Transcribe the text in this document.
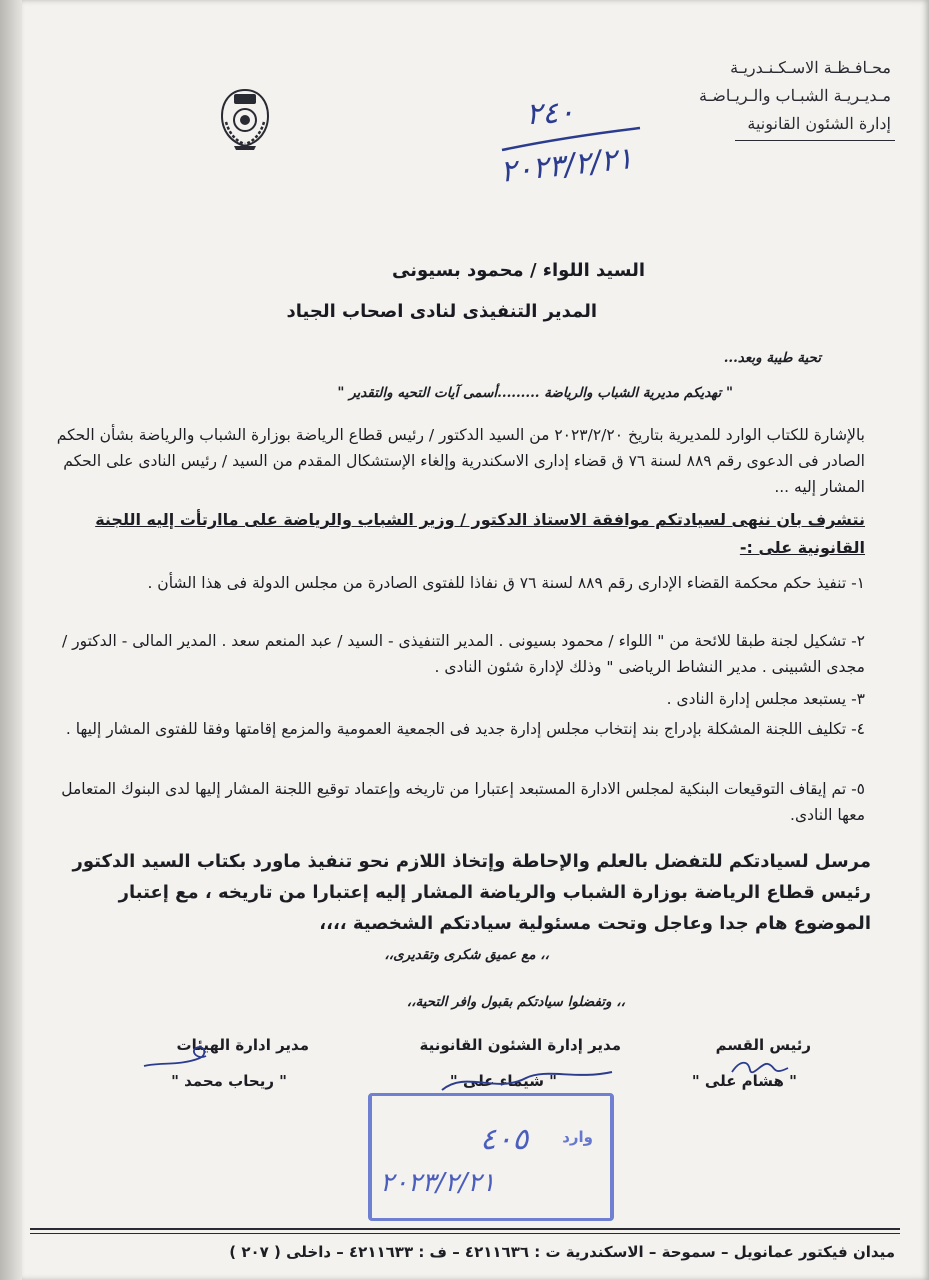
محـافـظـة الاسـكـنـدريـة
مـديـريـة الشبـاب والـريـاضـة
إدارة الشئون القانونية
٢٤٠
٢٠٢٣/٢/٢١
السيد اللواء / محمود بسيونى
المدير التنفيذى لنادى اصحاب الجياد
تحية طيبة وبعد...
" تهديكم مديرية الشباب والرياضة .........أسمى آيات التحيه والتقدير "
بالإشارة للكتاب الوارد للمديرية بتاريخ ٢٠٢٣/٢/٢٠ من السيد الدكتور / رئيس قطاع الرياضة بوزارة الشباب والرياضة بشأن الحكم الصادر فى الدعوى رقم ٨٨٩ لسنة ٧٦ ق قضاء إدارى الاسكندرية وإلغاء الإستشكال المقدم من السيد / رئيس النادى على الحكم المشار إليه ...
نتشرف بان ننهى لسيادتكم موافقة الاستاذ الدكتور / وزير الشباب والرياضة على ماارتأت إليه اللجنة القانونية على :-
١- تنفيذ حكم محكمة القضاء الإدارى رقم ٨٨٩ لسنة ٧٦ ق نفاذا للفتوى الصادرة من مجلس الدولة فى هذا الشأن .
٢- تشكيل لجنة طبقا للائحة من " اللواء / محمود بسيونى . المدير التنفيذى - السيد / عبد المنعم سعد . المدير المالى - الدكتور / مجدى الشبينى . مدير النشاط الرياضى " وذلك لإدارة شئون النادى .
٣- يستبعد مجلس إدارة النادى .
٤- تكليف اللجنة المشكلة بإدراج بند إنتخاب مجلس إدارة جديد فى الجمعية العمومية والمزمع إقامتها وفقا للفتوى المشار إليها .
٥- تم إيقاف التوقيعات البنكية لمجلس الادارة المستبعد إعتبارا من تاريخه وإعتماد توقيع اللجنة المشار إليها لدى البنوك المتعامل معها النادى.
مرسل لسيادتكم للتفضل بالعلم والإحاطة وإتخاذ اللازم نحو تنفيذ ماورد بكتاب السيد الدكتور رئيس قطاع الرياضة بوزارة الشباب والرياضة المشار إليه إعتبارا من تاريخه ، مع إعتبار الموضوع هام جدا وعاجل وتحت مسئولية سيادتكم الشخصية ،،،،
،، مع عميق شكرى وتقديرى،،
،، وتفضلوا سيادتكم بقبول وافر التحية،،
رئيس القسم
" هشام على "
مدير إدارة الشئون القانونية
" شيماء على "
مدير ادارة الهيئات
" ريحاب محمد "
وارد
٤٠٥
٢٠٢٣/٢/٢١
ميدان فيكتور عمانويل – سموحة – الاسكندرية ت : ٤٢١١٦٣٦ – ف : ٤٢١١٦٣٣ – داخلى ( ٢٠٧ )
